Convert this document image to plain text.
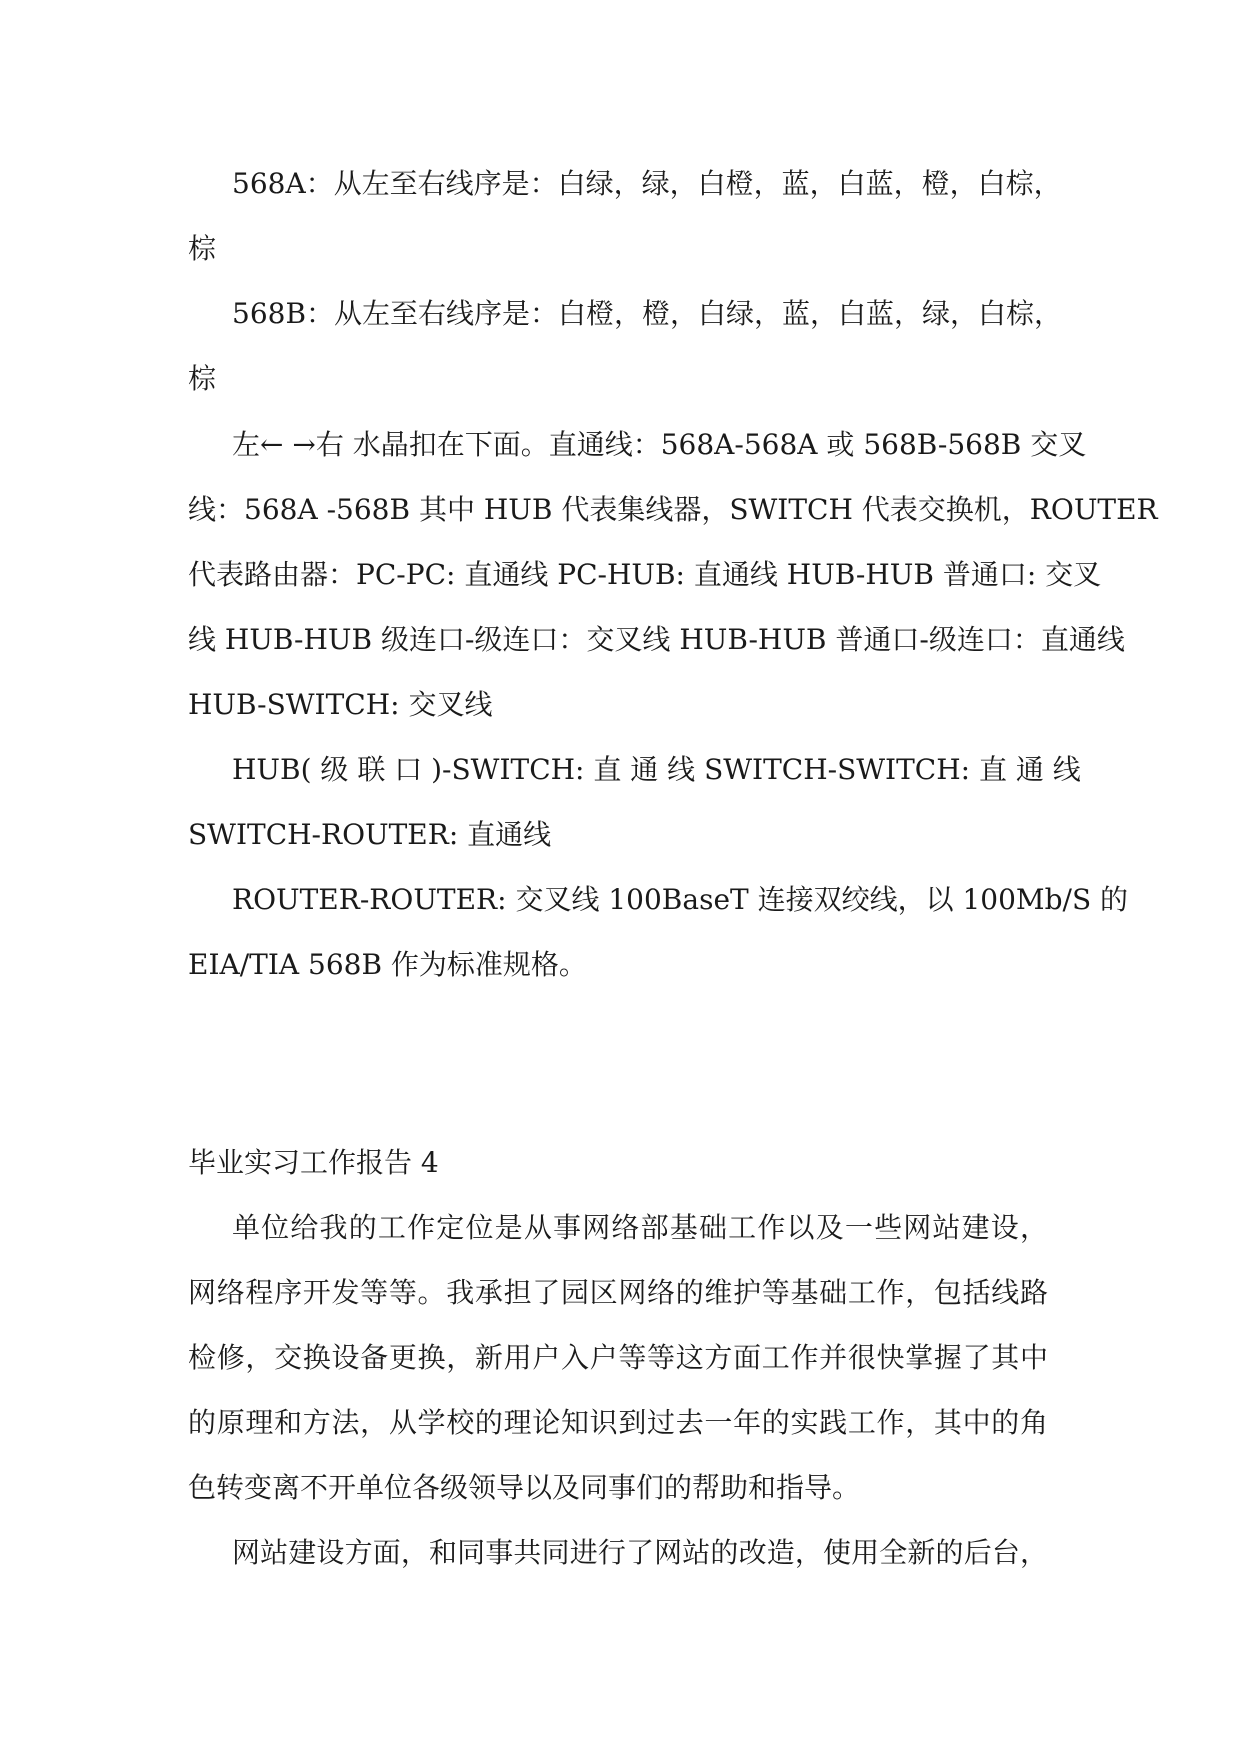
568A：从左至右线序是：白绿，绿，白橙，蓝，白蓝，橙，白棕，

棕

568B：从左至右线序是：白橙，橙，白绿，蓝，白蓝，绿，白棕，

棕

左← →右 水晶扣在下面。直通线：568A-568A 或 568B-568B 交叉

线：568A -568B 其中 HUB 代表集线器，SWITCH 代表交换机，ROUTER

代表路由器：PC-PC: 直通线 PC-HUB: 直通线 HUB-HUB 普通口: 交叉

线 HUB-HUB 级连口-级连口：交叉线 HUB-HUB 普通口-级连口：直通线

HUB-SWITCH: 交叉线

HUB( 级 联 口 )-SWITCH: 直 通 线 SWITCH-SWITCH: 直 通 线

SWITCH-ROUTER: 直通线

ROUTER-ROUTER: 交叉线 100BaseT 连接双绞线，以 100Mb/S 的

EIA/TIA 568B 作为标准规格。

毕业实习工作报告 4

单位给我的工作定位是从事网络部基础工作以及一些网站建设，

网络程序开发等等。我承担了园区网络的维护等基础工作，包括线路

检修，交换设备更换，新用户入户等等这方面工作并很快掌握了其中

的原理和方法，从学校的理论知识到过去一年的实践工作，其中的角

色转变离不开单位各级领导以及同事们的帮助和指导。

网站建设方面，和同事共同进行了网站的改造，使用全新的后台，
